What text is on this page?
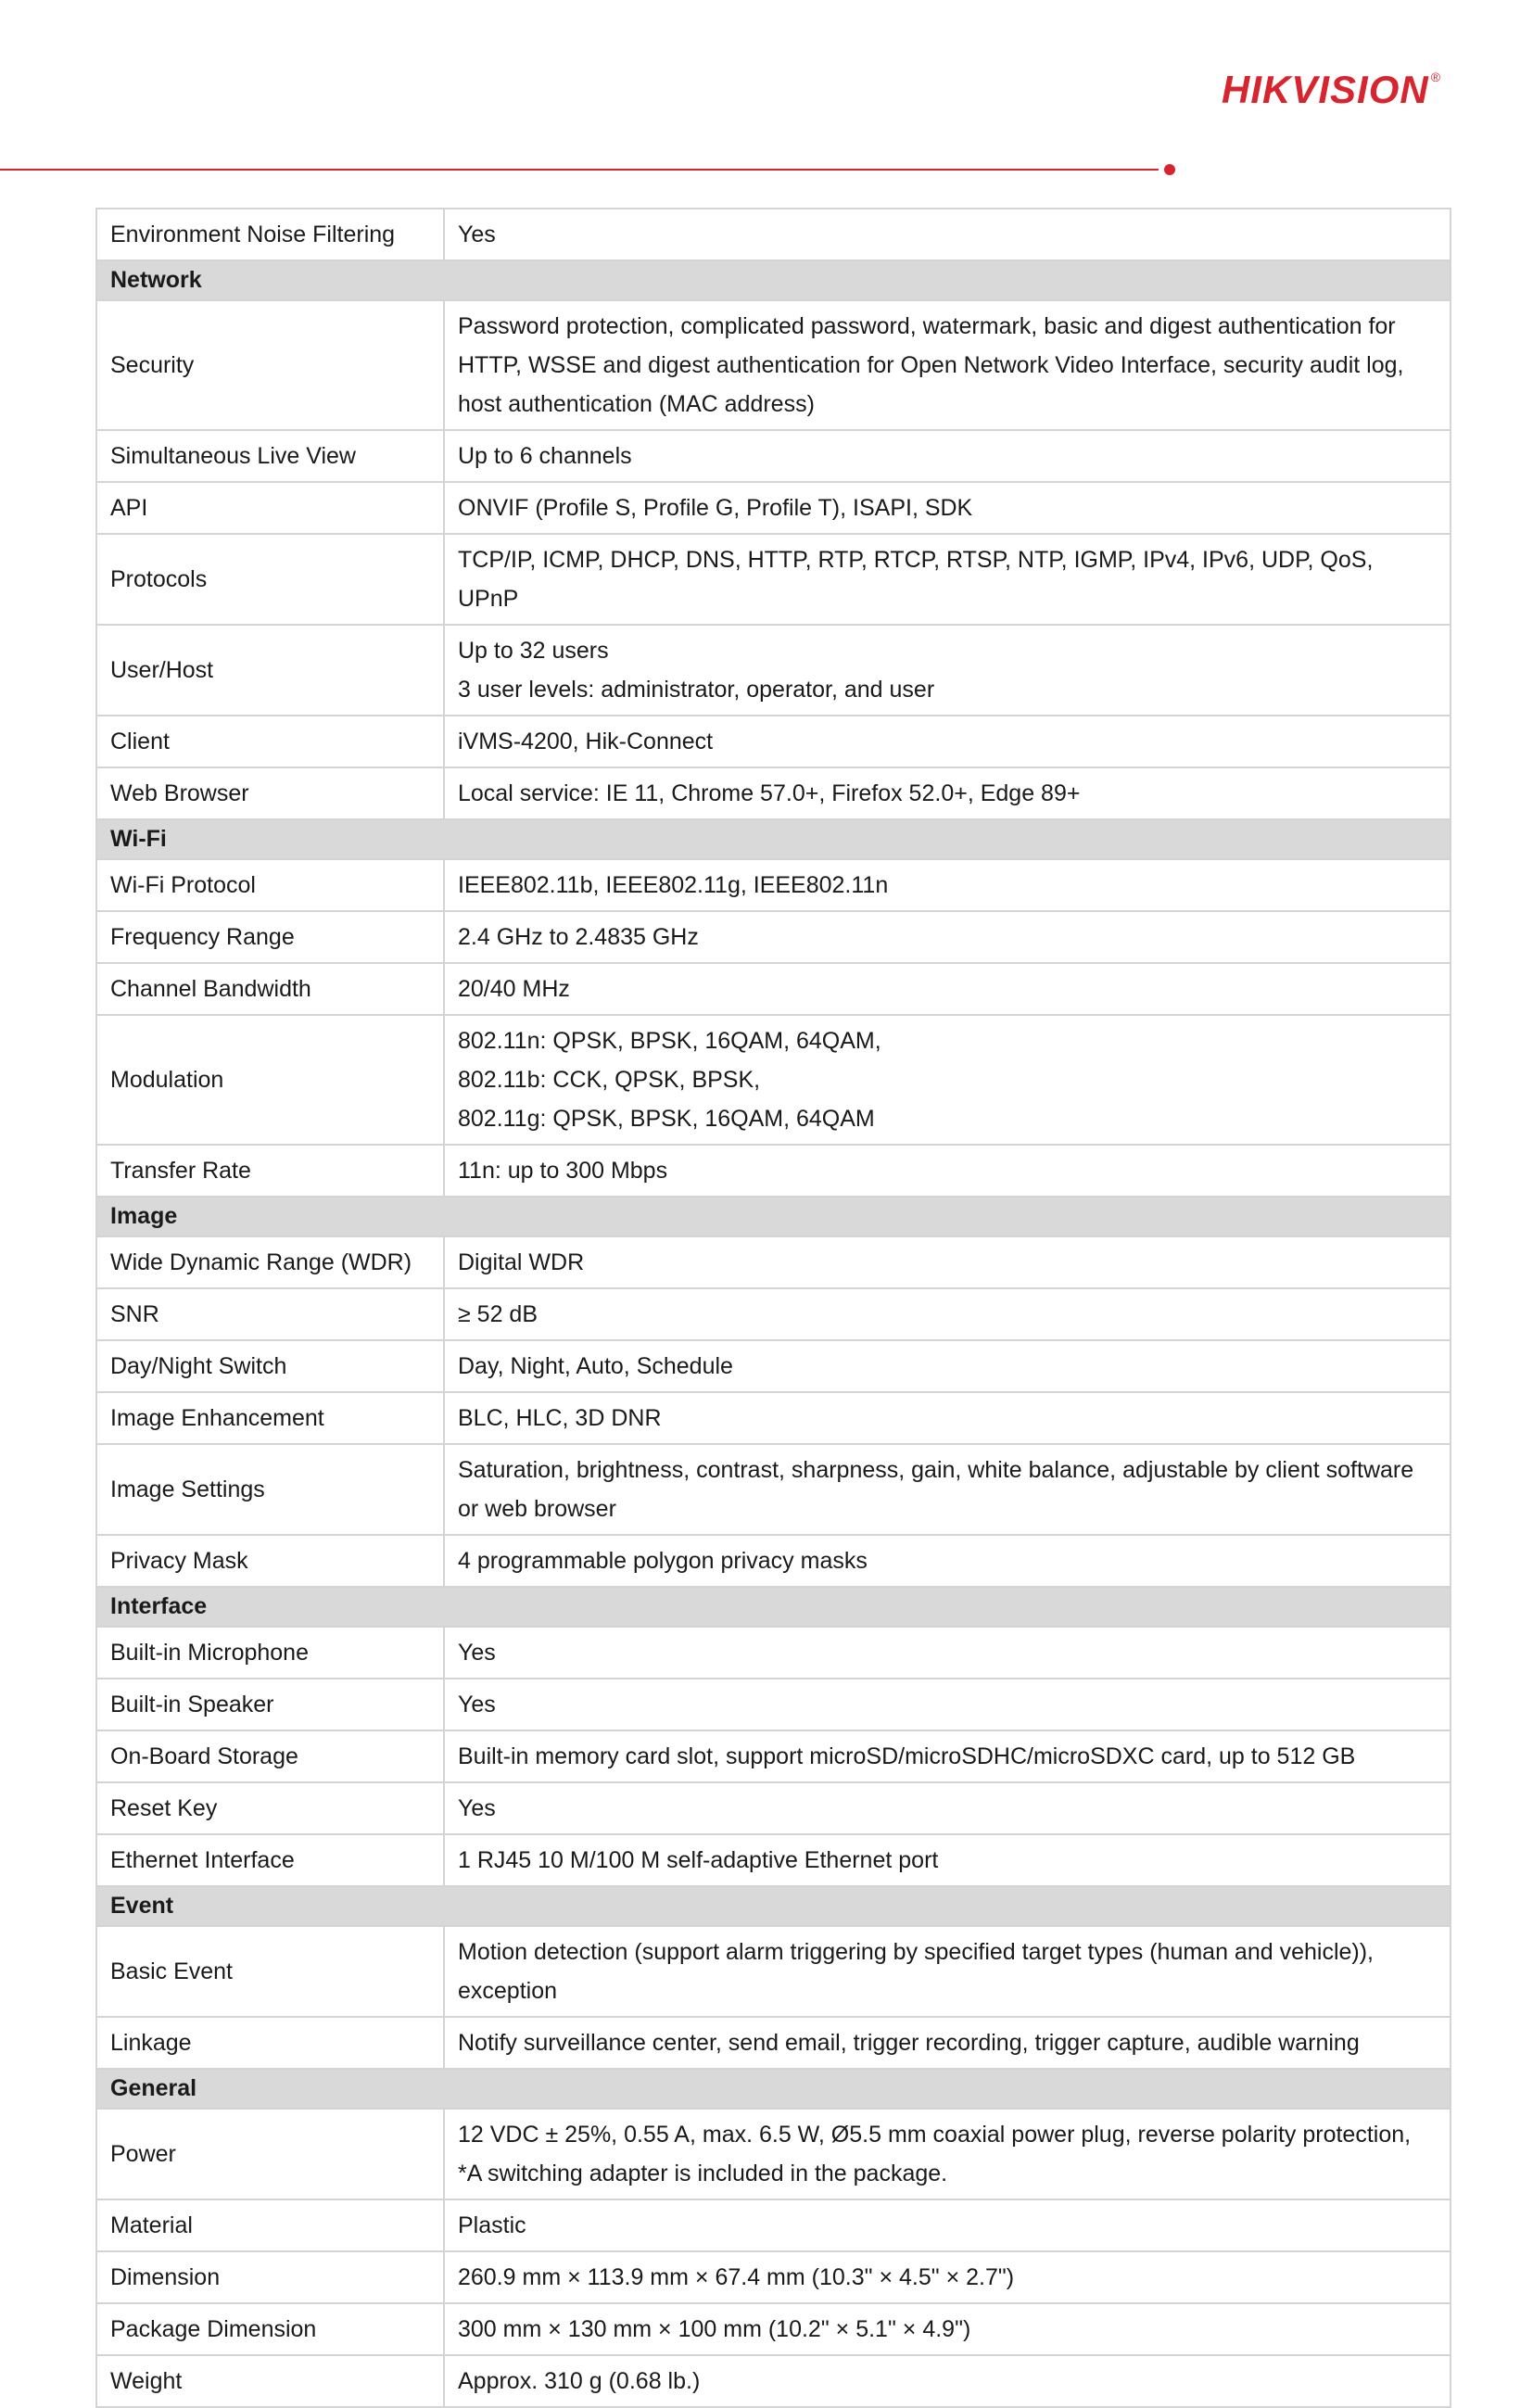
HIKVISION ®
Environment Noise Filtering	Yes

Network	
Security	Password protection, complicated password, watermark, basic and digest authentication for HTTP, WSSE and digest authentication for Open Network Video Interface, security audit log, host authentication (MAC address)

Simultaneous Live View	Up to 6 channels

API	ONVIF (Profile S, Profile G, Profile T), ISAPI, SDK

Protocols	TCP/IP, ICMP, DHCP, DNS, HTTP, RTP, RTCP, RTSP, NTP, IGMP, IPv4, IPv6, UDP, QoS, UPnP

User/Host	Up to 32 users
3 user levels: administrator, operator, and user

Client	iVMS-4200, Hik-Connect

Web Browser	Local service: IE 11, Chrome 57.0+, Firefox 52.0+, Edge 89+

Wi-Fi	
Wi-Fi Protocol	IEEE802.11b, IEEE802.11g, IEEE802.11n

Frequency Range	2.4 GHz to 2.4835 GHz

Channel Bandwidth	20/40 MHz

Modulation	802.11n: QPSK, BPSK, 16QAM, 64QAM,
802.11b: CCK, QPSK, BPSK,
802.11g: QPSK, BPSK, 16QAM, 64QAM

Transfer Rate	11n: up to 300 Mbps

Image	
Wide Dynamic Range (WDR)	Digital WDR

SNR	≥ 52 dB

Day/Night Switch	Day, Night, Auto, Schedule

Image Enhancement	BLC, HLC, 3D DNR

Image Settings	Saturation, brightness, contrast, sharpness, gain, white balance, adjustable by client software or web browser

Privacy Mask	4 programmable polygon privacy masks

Interface	
Built-in Microphone	Yes

Built-in Speaker	Yes

On-Board Storage	Built-in memory card slot, support microSD/microSDHC/microSDXC card, up to 512 GB

Reset Key	Yes

Ethernet Interface	1 RJ45 10 M/100 M self-adaptive Ethernet port

Event	
Basic Event	Motion detection (support alarm triggering by specified target types (human and vehicle)), exception

Linkage	Notify surveillance center, send email, trigger recording, trigger capture, audible warning

General	
Power	12 VDC ± 25%, 0.55 A, max. 6.5 W, Ø5.5 mm coaxial power plug, reverse polarity protection,
*A switching adapter is included in the package.

Material	Plastic

Dimension	260.9 mm × 113.9 mm × 67.4 mm (10.3" × 4.5" × 2.7")

Package Dimension	300 mm × 130 mm × 100 mm (10.2" × 5.1" × 4.9")

Weight	Approx. 310 g (0.68 lb.)
